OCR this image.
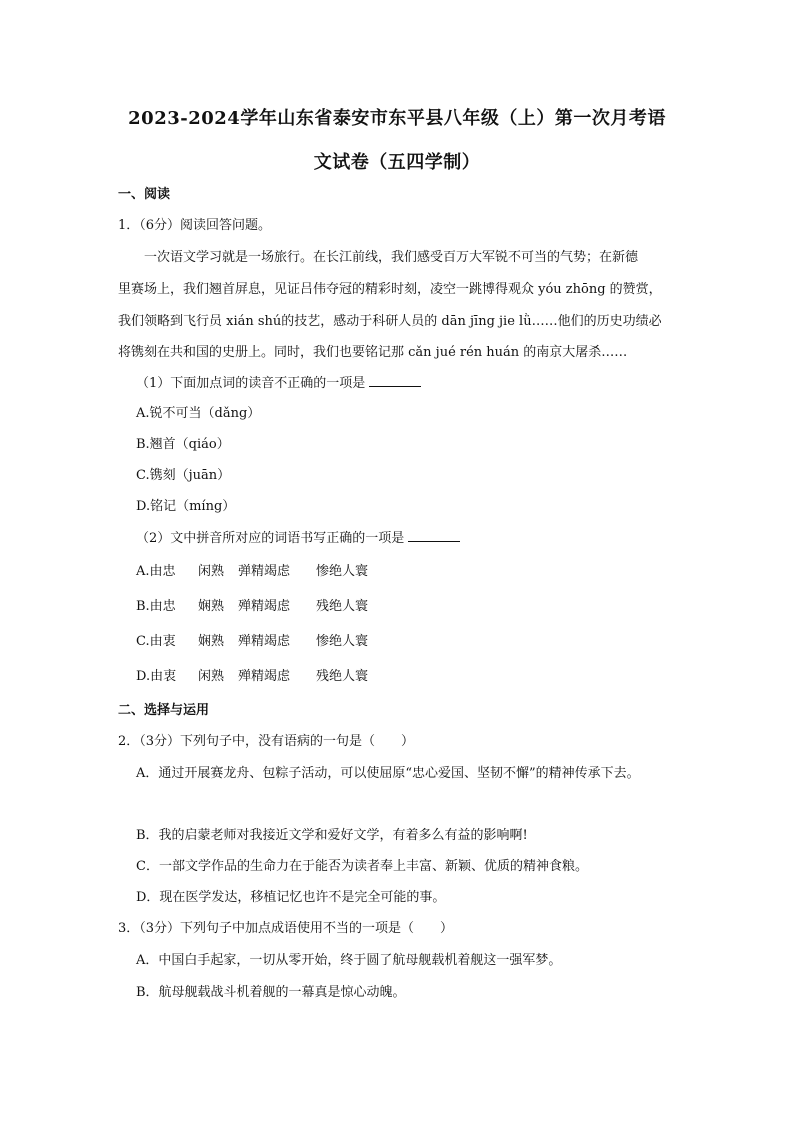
2023-2024学年山东省泰安市东平县八年级（上）第一次月考语
文试卷（五四学制）
一、阅读
1．（6分）阅读回答问题。
一次语文学习就是一场旅行。在长江前线，我们感受百万大军锐不可当的气势；在新德
里赛场上，我们翘首屏息，见证吕伟夺冠的精彩时刻，凌空一跳博得观众 yóu zhōng 的赞赏，
我们领略到飞行员 xián shú的技艺，感动于科研人员的 dān jīng jie lǜ……他们的历史功绩必
将镌刻在共和国的史册上。同时，我们也要铭记那 cǎn jué rén huán 的南京大屠杀……
（1）下面加点词的读音不正确的一项是
A.锐不可当（dǎng）
B.翘首（qiáo）
C.镌刻（juān）
D.铭记（míng）
（2）文中拼音所对应的词语书写正确的一项是
A.由忠 闲熟 弹精竭虑 惨绝人寰
B.由忠 娴熟 殚精竭虑 残绝人寰
C.由衷 娴熟 殚精竭虑 惨绝人寰
D.由衷 闲熟 殚精竭虑 残绝人寰
二、选择与运用
2．（3分）下列句子中，没有语病的一句是（　　）
A．通过开展赛龙舟、包粽子活动，可以使屈原“忠心爱国、坚韧不懈”的精神传承下去。
B．我的启蒙老师对我接近文学和爱好文学，有着多么有益的影响啊!
C．一部文学作品的生命力在于能否为读者奉上丰富、新颖、优质的精神食粮。
D．现在医学发达，移植记忆也许不是完全可能的事。
3．（3分）下列句子中加点成语使用不当的一项是（　　）
A．中国白手起家，一切从零开始，终于圆了航母舰载机着舰这一强军梦。
B．航母舰载战斗机着舰的一幕真是惊心动魄。
